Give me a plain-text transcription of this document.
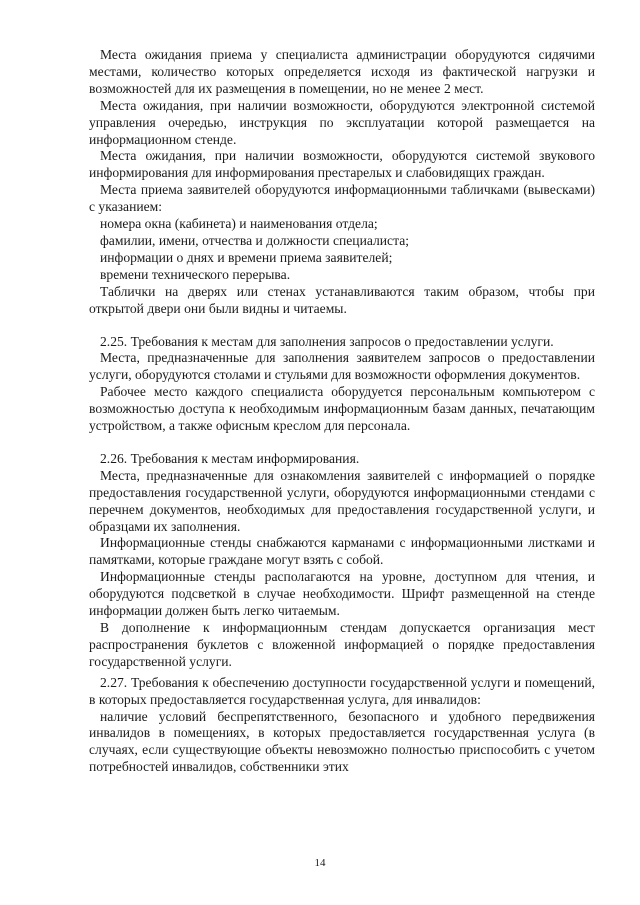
Места ожидания приема у специалиста администрации оборудуются сидячими местами, количество которых определяется исходя из фактической нагрузки и возможностей для их размещения в помещении, но не менее 2 мест.

Места ожидания, при наличии возможности, оборудуются электронной системой управления очередью, инструкция по эксплуатации которой размещается на информационном стенде.

Места ожидания, при наличии возможности, оборудуются системой звукового информирования для информирования престарелых и слабовидящих граждан.

Места приема заявителей оборудуются информационными табличками (вывесками) с указанием:

номера окна (кабинета) и наименования отдела;

фамилии, имени, отчества и должности специалиста;

информации о днях и времени приема заявителей;

времени технического перерыва.

Таблички на дверях или стенах устанавливаются таким образом, чтобы при открытой двери они были видны и читаемы.

2.25. Требования к местам для заполнения запросов о предоставлении услуги.

Места, предназначенные для заполнения заявителем запросов о предоставлении услуги, оборудуются столами и стульями для возможности оформления документов.

Рабочее место каждого специалиста оборудуется персональным компьютером с возможностью доступа к необходимым информационным базам данных, печатающим устройством, а также офисным креслом для персонала.

2.26. Требования к местам информирования.

Места, предназначенные для ознакомления заявителей с информацией о порядке предоставления государственной услуги, оборудуются информационными стендами с перечнем документов, необходимых для предоставления государственной услуги, и образцами их заполнения.

Информационные стенды снабжаются карманами с информационными листками и памятками, которые граждане могут взять с собой.

Информационные стенды располагаются на уровне, доступном для чтения, и оборудуются подсветкой в случае необходимости. Шрифт размещенной на стенде информации должен быть легко читаемым.

В дополнение к информационным стендам допускается организация мест распространения буклетов с вложенной информацией о порядке предоставления государственной услуги.

2.27. Требования к обеспечению доступности государственной услуги и помещений, в которых предоставляется государственная услуга, для инвалидов:

наличие условий беспрепятственного, безопасного и удобного передвижения инвалидов в помещениях, в которых предоставляется государственная услуга (в случаях, если существующие объекты невозможно полностью приспособить с учетом потребностей инвалидов, собственники этих

14
